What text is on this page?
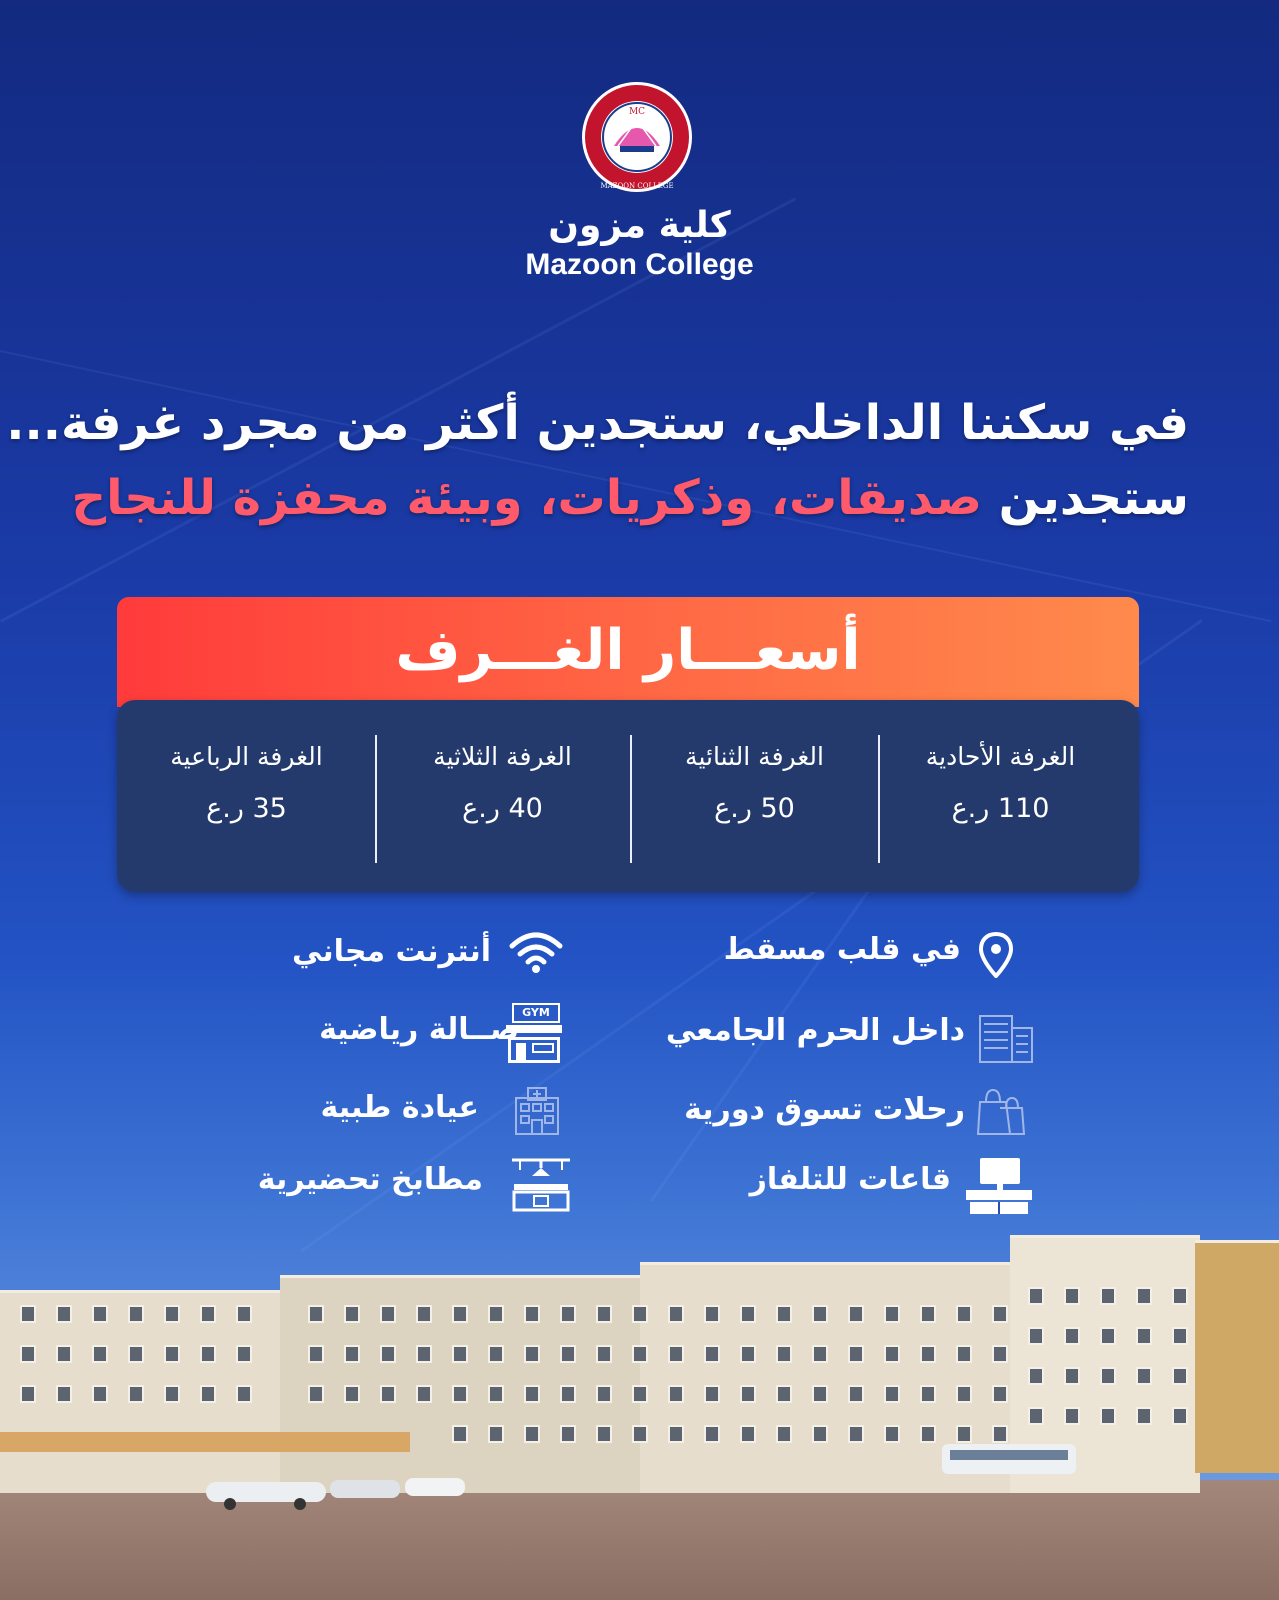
MC
MAZOON COLLEGE
كلية مزون
Mazoon College
في سكننا الداخلي، ستجدين أكثر من مجرد غرفة...
ستجدين صديقات، وذكريات، وبيئة محفزة للنجاح
أسعـــار الغـــرف
الغرفة الأحادية
110 ر.ع
الغرفة الثنائية
50 ر.ع
الغرفة الثلاثية
40 ر.ع
الغرفة الرباعية
35 ر.ع
في قلب مسقط
داخل الحرم الجامعي
رحلات تسوق دورية
قاعات للتلفاز
أنترنت مجاني
GYM
صــالة رياضية
عيادة طبية
مطابخ تحضيرية
